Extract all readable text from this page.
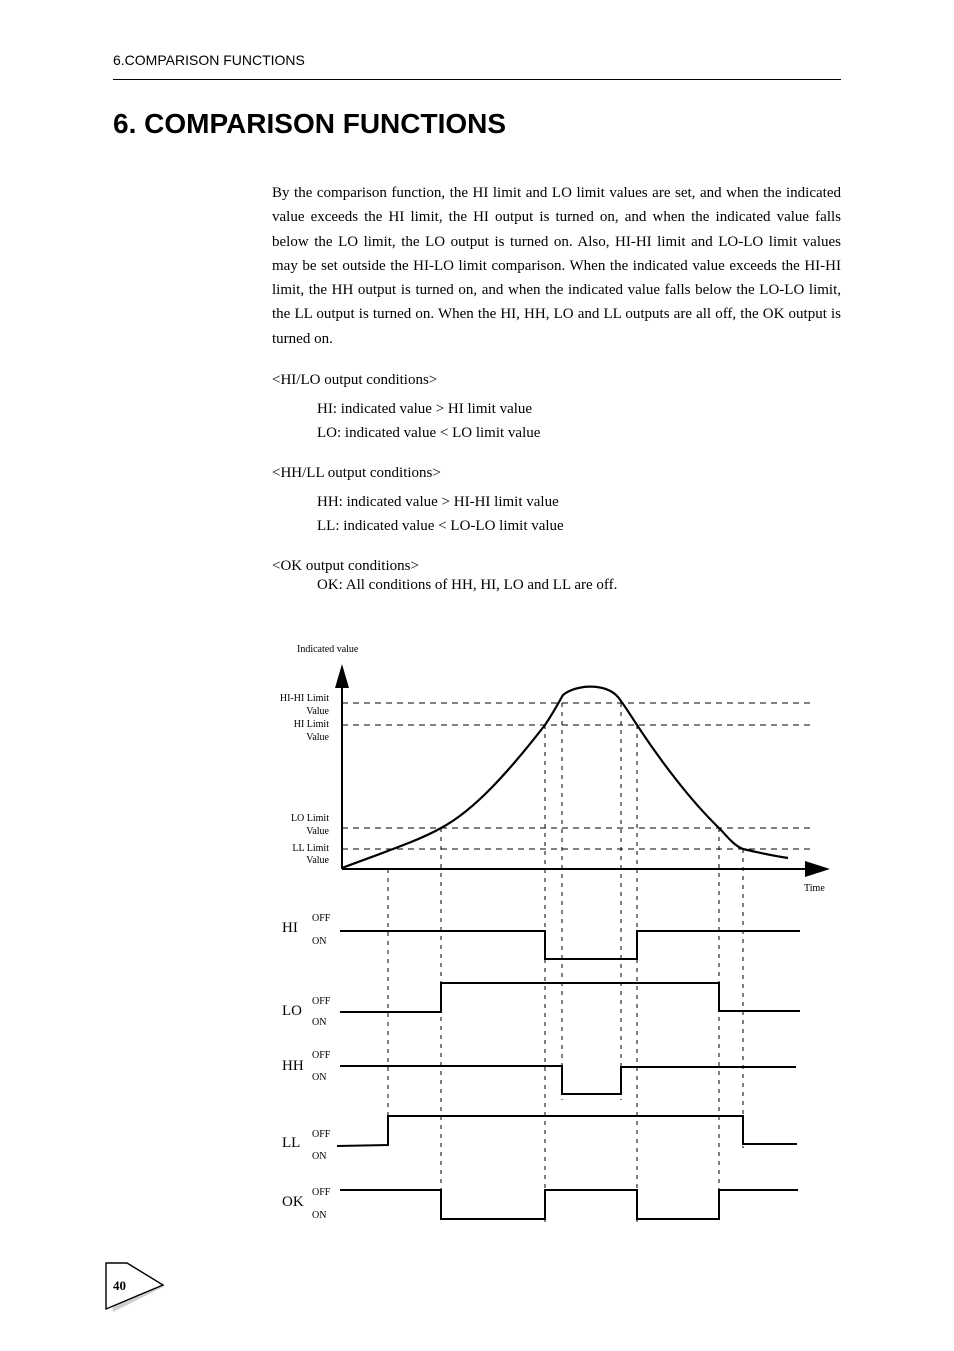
6.COMPARISON FUNCTIONS
6. COMPARISON FUNCTIONS

By the comparison function, the HI limit and LO limit values are set, and when the indicated value exceeds the HI limit, the HI output is turned on, and when the indicated value falls below the LO limit, the LO output is turned on. Also, HI-HI limit and LO-LO limit values may be set outside the HI-LO limit comparison. When the indicated value exceeds the HI-HI limit, the HH output is turned on, and when the indicated value falls below the LO-LO limit, the LL output is turned on. When the HI, HH, LO and LL outputs are all off, the OK output is turned on.

<HI/LO output conditions>
HI: indicated value > HI limit value
LO: indicated value < LO limit value
<HH/LL output conditions>
HH: indicated value > HI-HI limit value
LL: indicated value < LO-LO limit value
<OK output conditions>
OK: All conditions of HH, HI, LO and LL are off.
Indicated value
Time
HI-HI Limit
Value
HI Limit
Value
LO Limit
Value
LL Limit
Value
HI
OFF
ON
LO
OFF
ON
HH
OFF
ON
LL
OFF
ON
OK
OFF
ON
40
